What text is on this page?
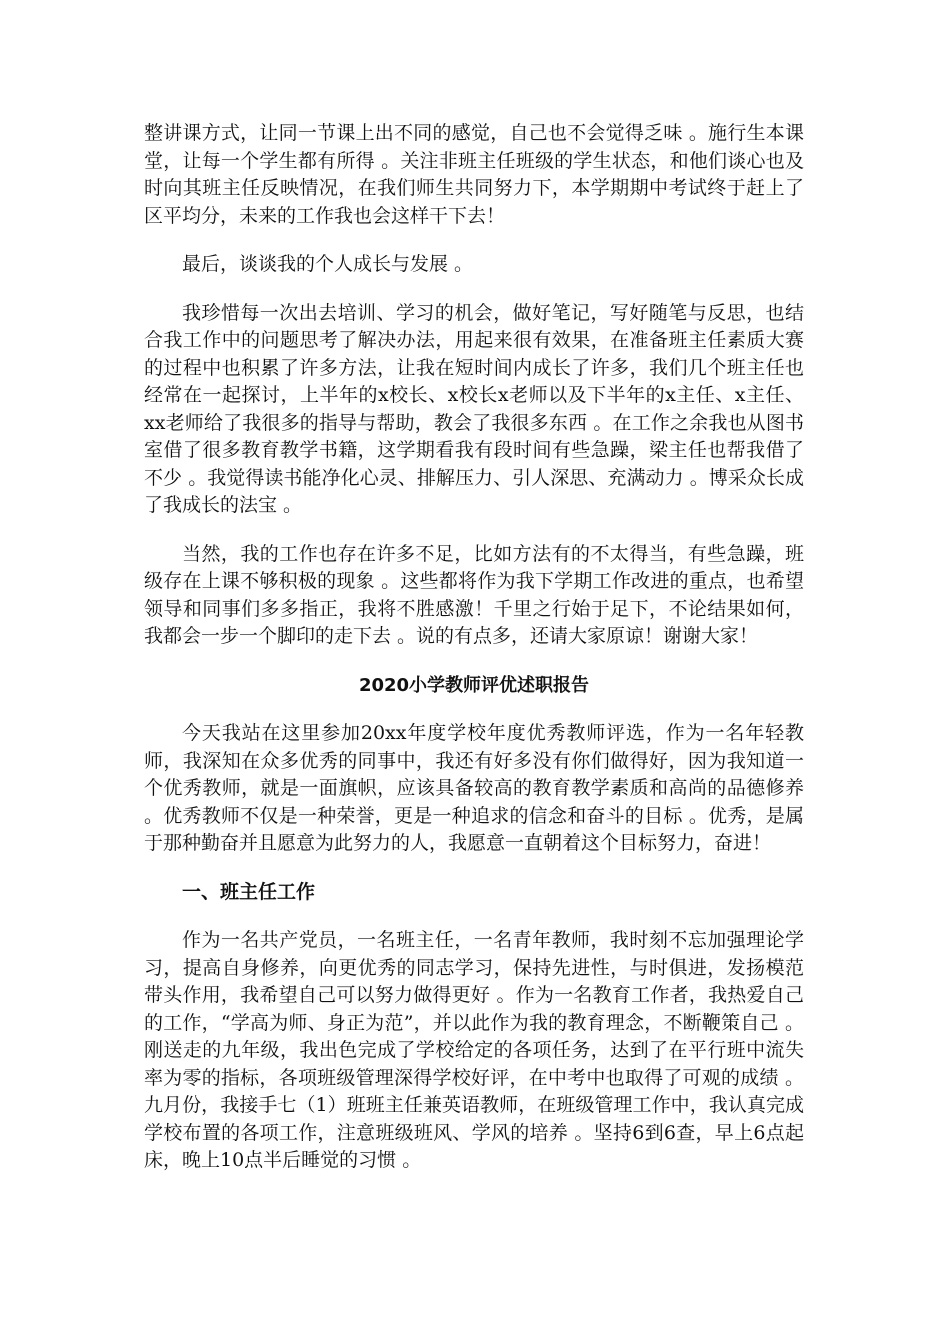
整讲课方式，让同一节课上出不同的感觉，自己也不会觉得乏味 。施行生本课堂，让每一个学生都有所得 。关注非班主任班级的学生状态，和他们谈心也及时向其班主任反映情况，在我们师生共同努力下，本学期期中考试终于赶上了区平均分，未来的工作我也会这样干下去！

最后，谈谈我的个人成长与发展 。

我珍惜每一次出去培训、学习的机会，做好笔记，写好随笔与反思，也结合我工作中的问题思考了解决办法，用起来很有效果，在准备班主任素质大赛的过程中也积累了许多方法，让我在短时间内成长了许多，我们几个班主任也经常在一起探讨，上半年的x校长、x校长x老师以及下半年的x主任、x主任、xx老师给了我很多的指导与帮助，教会了我很多东西 。在工作之余我也从图书室借了很多教育教学书籍，这学期看我有段时间有些急躁，梁主任也帮我借了不少 。我觉得读书能净化心灵、排解压力、引人深思、充满动力 。博采众长成了我成长的法宝 。

当然，我的工作也存在许多不足，比如方法有的不太得当，有些急躁，班级存在上课不够积极的现象 。这些都将作为我下学期工作改进的重点，也希望领导和同事们多多指正，我将不胜感激！千里之行始于足下，不论结果如何，我都会一步一个脚印的走下去 。说的有点多，还请大家原谅！谢谢大家！

2020小学教师评优述职报告

今天我站在这里参加20xx年度学校年度优秀教师评选，作为一名年轻教师，我深知在众多优秀的同事中，我还有好多没有你们做得好，因为我知道一个优秀教师，就是一面旗帜，应该具备较高的教育教学素质和高尚的品德修养 。优秀教师不仅是一种荣誉，更是一种追求的信念和奋斗的目标 。优秀，是属于那种勤奋并且愿意为此努力的人，我愿意一直朝着这个目标努力，奋进！

一、班主任工作

作为一名共产党员，一名班主任，一名青年教师，我时刻不忘加强理论学习，提高自身修养，向更优秀的同志学习，保持先进性，与时俱进，发扬模范带头作用，我希望自己可以努力做得更好 。作为一名教育工作者，我热爱自己的工作，“学高为师、身正为范”，并以此作为我的教育理念，不断鞭策自己 。刚送走的九年级，我出色完成了学校给定的各项任务，达到了在平行班中流失率为零的指标，各项班级管理深得学校好评，在中考中也取得了可观的成绩 。九月份，我接手七（1）班班主任兼英语教师，在班级管理工作中，我认真完成学校布置的各项工作，注意班级班风、学风的培养 。坚持6到6查，早上6点起床，晚上10点半后睡觉的习惯 。
